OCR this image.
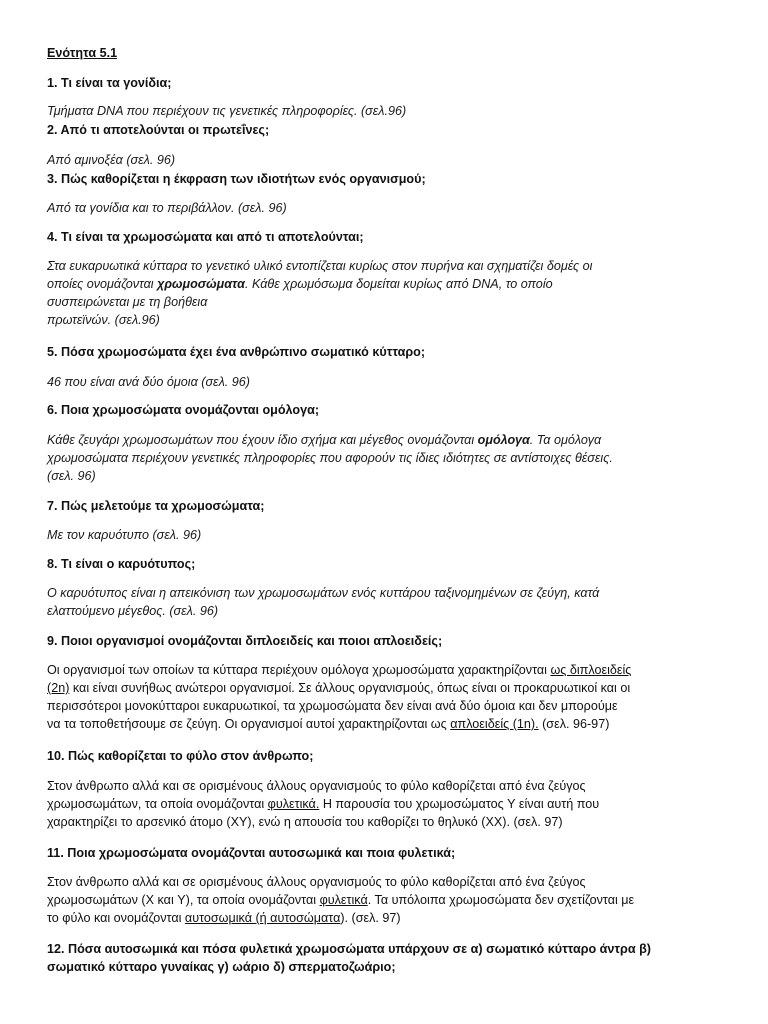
Ενότητα 5.1
1. Τι είναι τα γονίδια;
Τμήματα DNA που περιέχουν τις γενετικές πληροφορίες. (σελ.96)
2. Από τι αποτελούνται οι πρωτεΐνες;
Από αμινοξέα (σελ. 96)
3. Πώς καθορίζεται η έκφραση των ιδιοτήτων ενός οργανισμού;
Από τα γονίδια και το περιβάλλον. (σελ. 96)
4. Τι είναι τα χρωμοσώματα και από τι αποτελούνται;
Στα ευκαρυωτικά κύτταρα το γενετικό υλικό εντοπίζεται κυρίως στον πυρήνα και σχηματίζει δομές οι
οποίες ονομάζονται χρωμοσώματα. Κάθε χρωμόσωμα δομείται κυρίως από DNA, το οποίο
συσπειρώνεται με τη βοήθεια
πρωτεϊνών. (σελ.96)
5. Πόσα χρωμοσώματα έχει ένα ανθρώπινο σωματικό κύτταρο;
46 που είναι ανά δύο όμοια (σελ. 96)
6. Ποια χρωμοσώματα ονομάζονται ομόλογα;
Κάθε ζευγάρι χρωμοσωμάτων που έχουν ίδιο σχήμα και μέγεθος ονομάζονται ομόλογα. Τα ομόλογα
χρωμοσώματα περιέχουν γενετικές πληροφορίες που αφορούν τις ίδιες ιδιότητες σε αντίστοιχες θέσεις.
(σελ. 96)
7. Πώς μελετούμε τα χρωμοσώματα;
Με τον καρυότυπο (σελ. 96)
8. Τι είναι ο καρυότυπος;
Ο καρυότυπος είναι η απεικόνιση των χρωμοσωμάτων ενός κυττάρου ταξινομημένων σε ζεύγη, κατά
ελαττούμενο μέγεθος. (σελ. 96)
9. Ποιοι οργανισμοί ονομάζονται διπλοειδείς και ποιοι απλοειδείς;
Οι οργανισμοί των οποίων τα κύτταρα περιέχουν ομόλογα χρωμοσώματα χαρακτηρίζονται ως διπλοειδείς
(2n) και είναι συνήθως ανώτεροι οργανισμοί. Σε άλλους οργανισμούς, όπως είναι οι προκαρυωτικοί και οι
περισσότεροι μονοκύτταροι ευκαρυωτικοί, τα χρωμοσώματα δεν είναι ανά δύο όμοια και δεν μπορούμε
να τα τοποθετήσουμε σε ζεύγη. Οι οργανισμοί αυτοί χαρακτηρίζονται ως απλοειδείς (1n). (σελ. 96-97)
10. Πώς καθορίζεται το φύλο στον άνθρωπο;
Στον άνθρωπο αλλά και σε ορισμένους άλλους οργανισμούς το φύλο καθορίζεται από ένα ζεύγος
χρωμοσωμάτων, τα οποία ονομάζονται φυλετικά. Η παρουσία του χρωμοσώματος Y είναι αυτή που
χαρακτηρίζει το αρσενικό άτομο (XY), ενώ η απουσία του καθορίζει το θηλυκό (XX). (σελ. 97)
11. Ποια χρωμοσώματα ονομάζονται αυτοσωμικά και ποια φυλετικά;
Στον άνθρωπο αλλά και σε ορισμένους άλλους οργανισμούς το φύλο καθορίζεται από ένα ζεύγος
χρωμοσωμάτων (X και Y), τα οποία ονομάζονται φυλετικά. Τα υπόλοιπα χρωμοσώματα δεν σχετίζονται με
το φύλο και ονομάζονται αυτοσωμικά (ή αυτοσώματα). (σελ. 97)
12. Πόσα αυτοσωμικά και πόσα φυλετικά χρωμοσώματα υπάρχουν σε α) σωματικό κύτταρο άντρα β)
σωματικό κύτταρο γυναίκας γ) ωάριο δ) σπερματοζωάριο;
